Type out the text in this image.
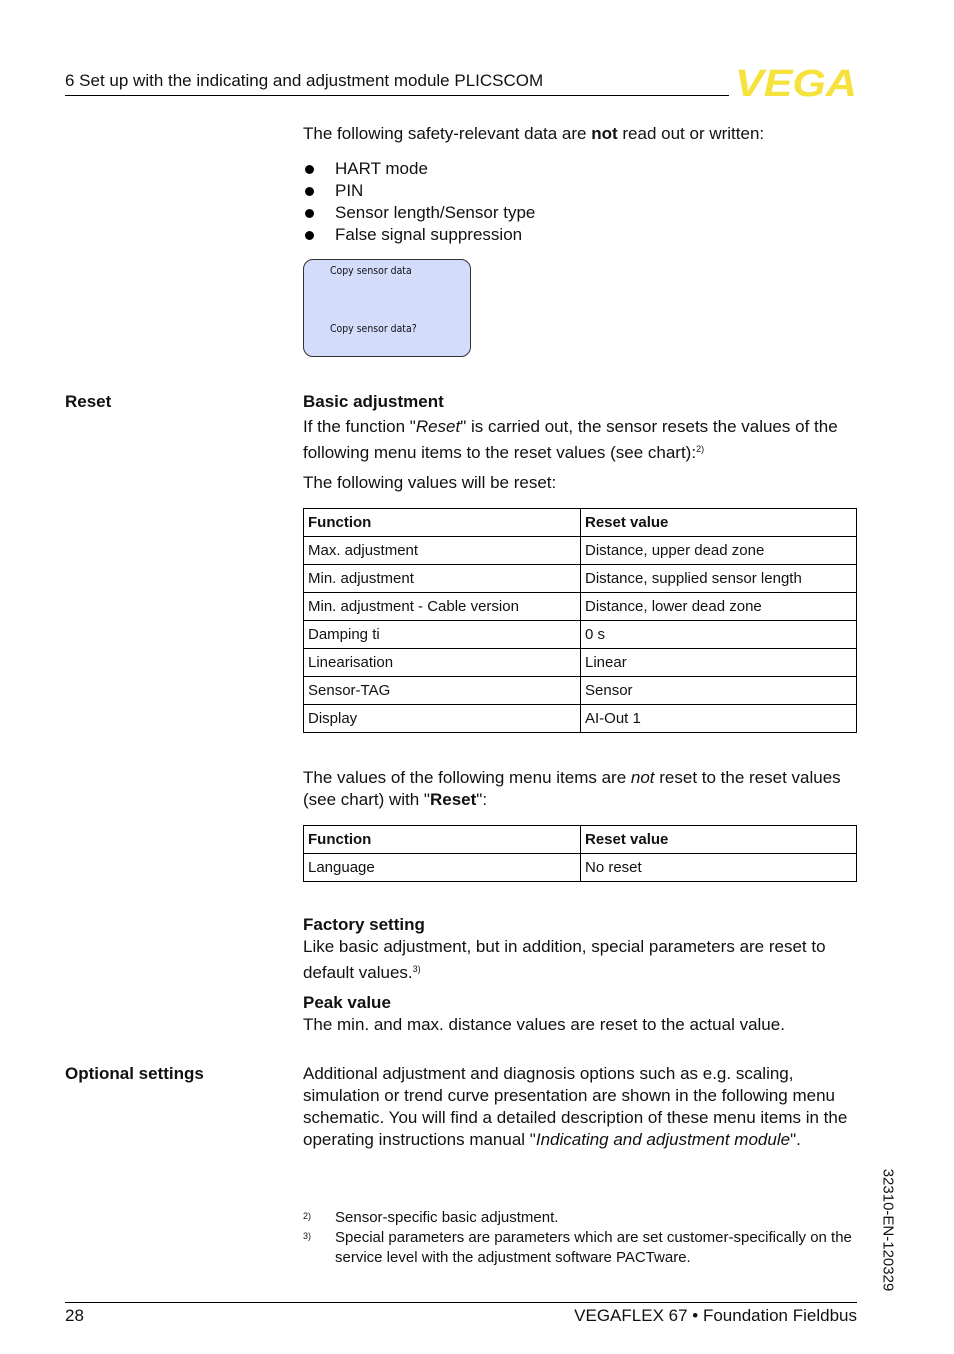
6 Set up with the indicating and adjustment module PLICSCOM	VEGA
The following safety-relevant data are not read out or written:
HART mode
PIN
Sensor length/Sensor type
False signal suppression
Copy sensor data
Copy sensor data?
Reset	Basic adjustment
If the function "Reset" is carried out, the sensor resets the values of the following menu items to the reset values (see chart):$^{2)}$
The following values will be reset:
Function	Reset value
Max. adjustment	Distance, upper dead zone
Min. adjustment	Distance, supplied sensor length
Min. adjustment - Cable version	Distance, lower dead zone
Damping ti	0 s
Linearisation	Linear
Sensor-TAG	Sensor
Display	AI-Out 1
The values of the following menu items are not reset to the reset values (see chart) with "Reset":
Function	Reset value
Language	No reset
Factory setting
Like basic adjustment, but in addition, special parameters are reset to default values.$^{3)}$
Peak value
The min. and max. distance values are reset to the actual value.
Optional settings	Additional adjustment and diagnosis options such as e.g. scaling, simulation or trend curve presentation are shown in the following menu schematic. You will find a detailed description of these menu items in the operating instructions manual "Indicating and adjustment module".
2) Sensor-specific basic adjustment.
3) Special parameters are parameters which are set customer-specifically on the service level with the adjustment software PACTware.	32310-EN-120329
28	VEGAFLEX 67 • Foundation Fieldbus
